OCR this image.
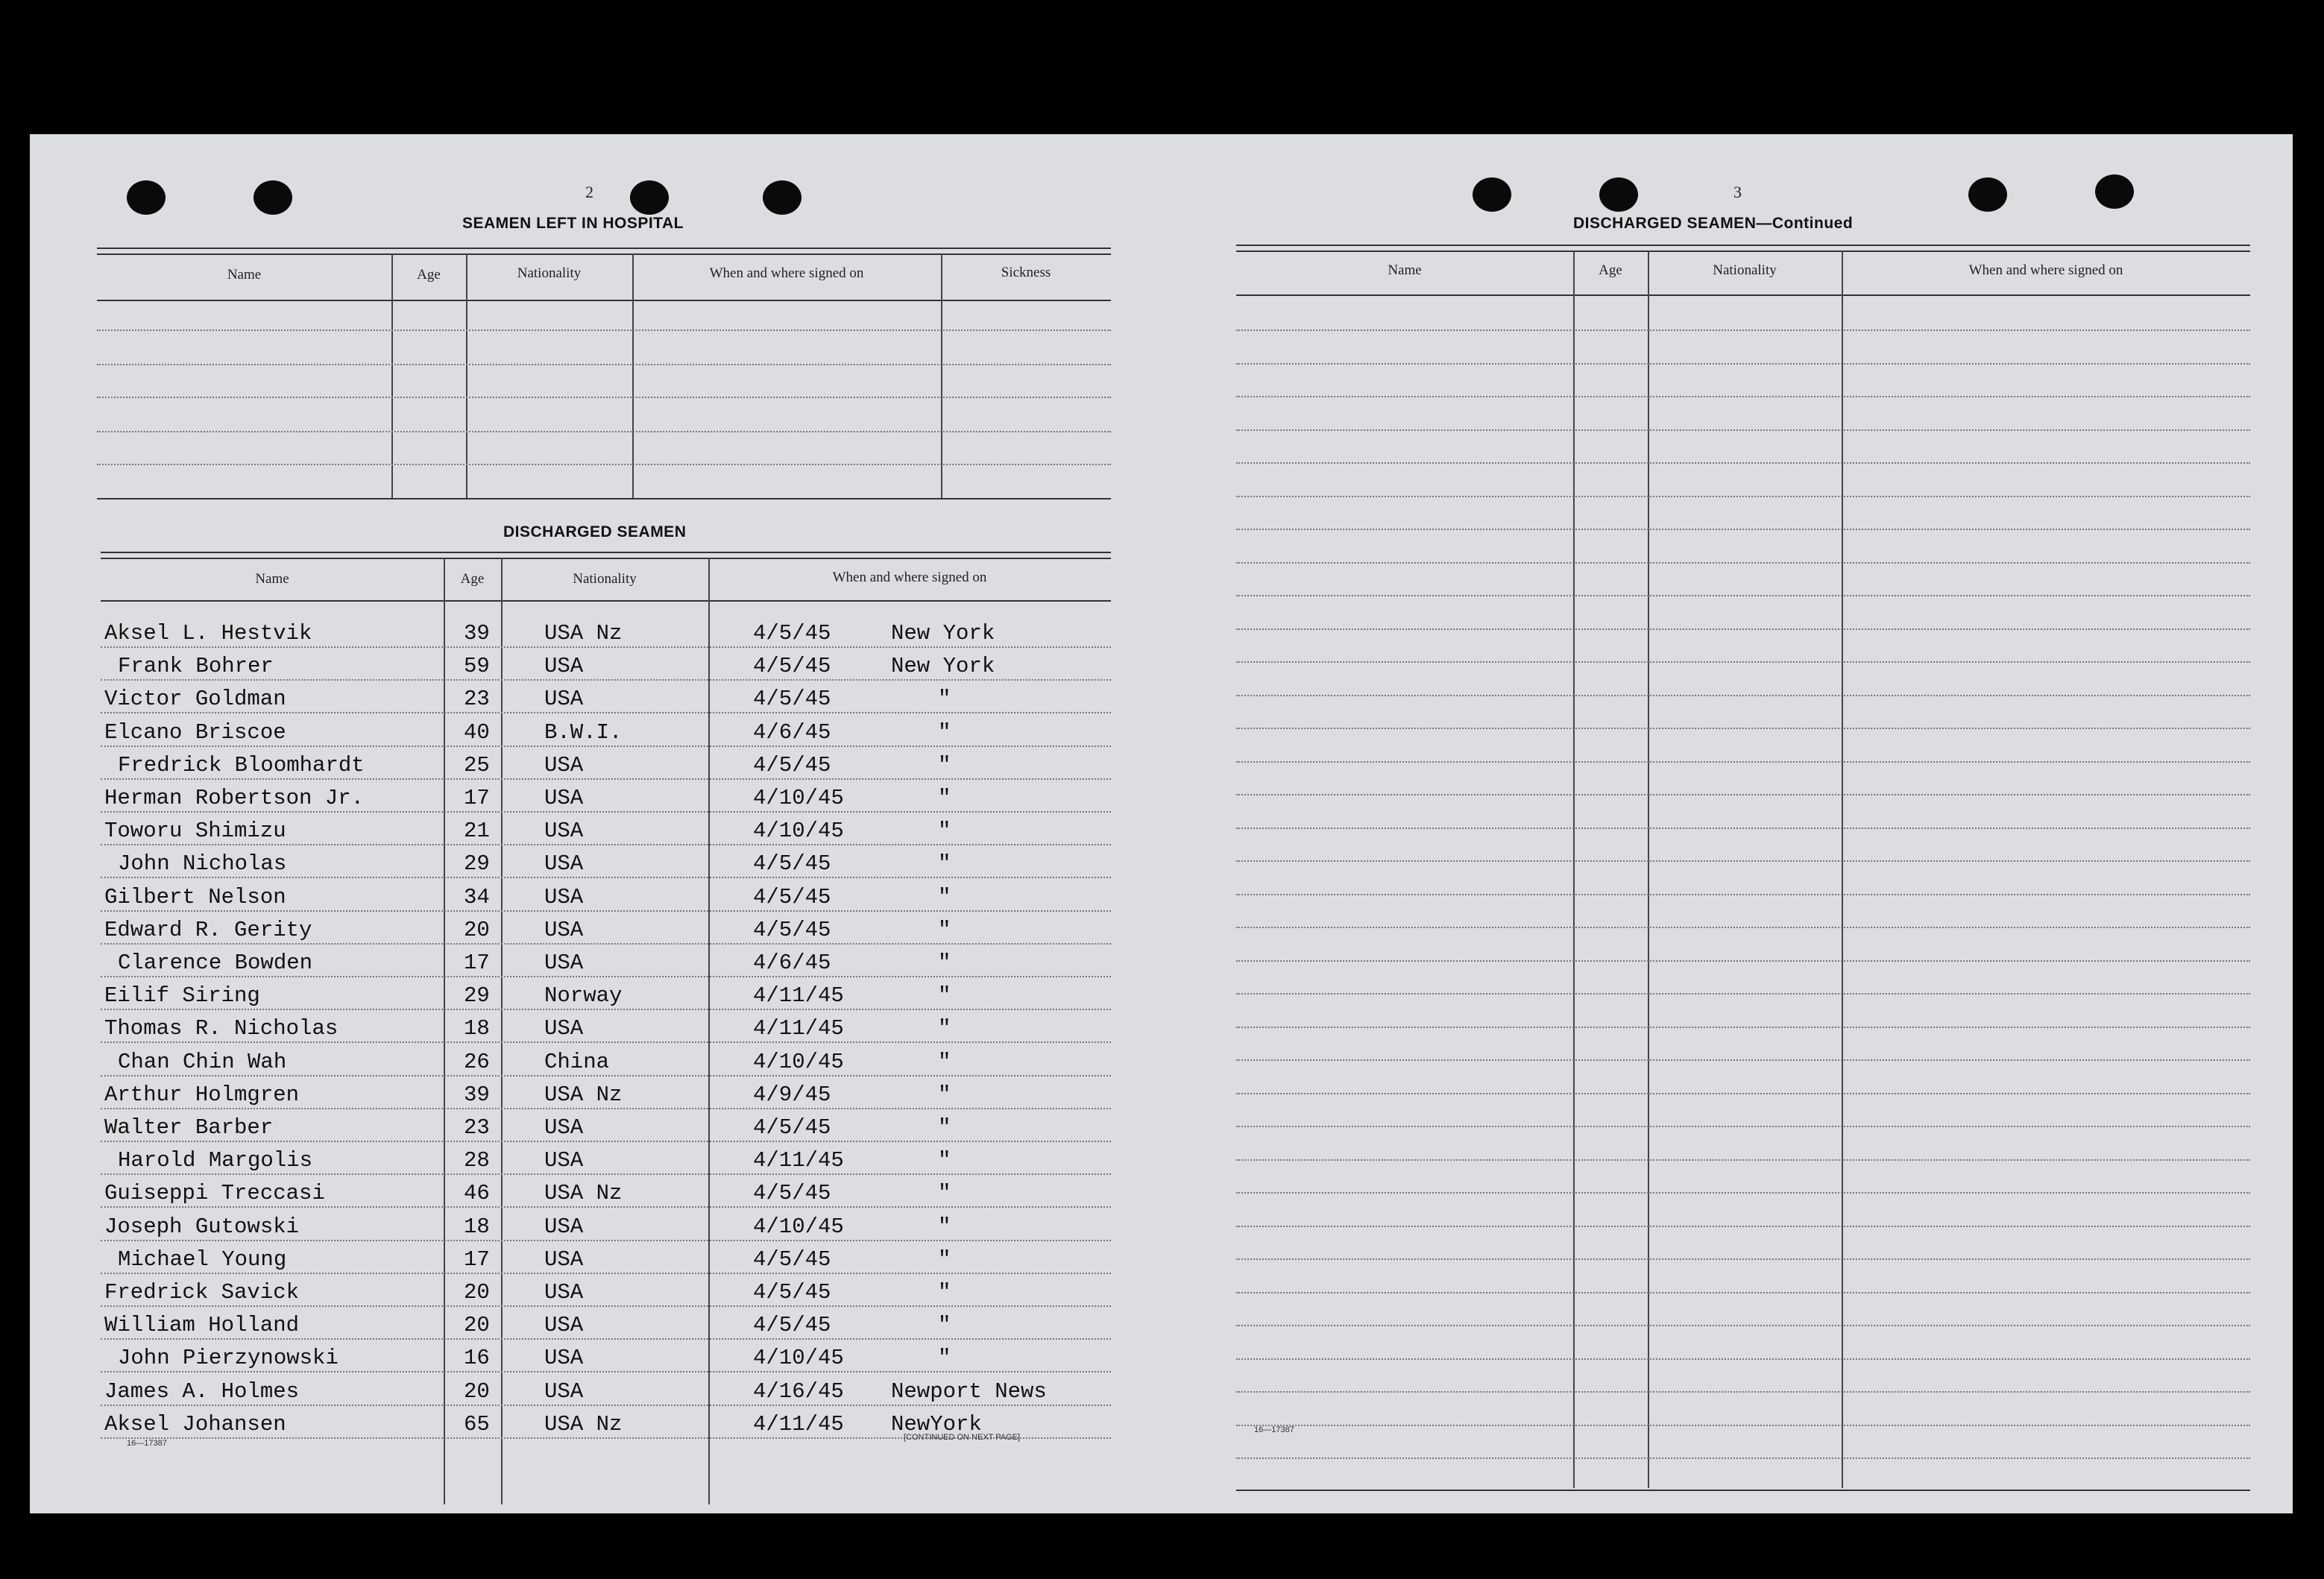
2
SEAMEN LEFT IN HOSPITAL
Name	Age	Nationality	When and where signed on	Sickness
DISCHARGED SEAMEN
Name	Age	Nationality	When and where signed on
Aksel L. Hestvik	39	USA Nz	4/5/45	New York
Frank Bohrer	59	USA	4/5/45	New York
Victor Goldman	23	USA	4/5/45	"
Elcano Briscoe	40	B.W.I.	4/6/45	"
Fredrick Bloomhardt	25	USA	4/5/45	"
Herman Robertson Jr.	17	USA	4/10/45	"
Toworu Shimizu	21	USA	4/10/45	"
John Nicholas	29	USA	4/5/45	"
Gilbert Nelson	34	USA	4/5/45	"
Edward R. Gerity	20	USA	4/5/45	"
Clarence Bowden	17	USA	4/6/45	"
Eilif Siring	29	Norway	4/11/45	"
Thomas R. Nicholas	18	USA	4/11/45	"
Chan Chin Wah	26	China	4/10/45	"
Arthur Holmgren	39	USA Nz	4/9/45	"
Walter Barber	23	USA	4/5/45	"
Harold Margolis	28	USA	4/11/45	"
Guiseppi Treccasi	46	USA Nz	4/5/45	"
Joseph Gutowski	18	USA	4/10/45	"
Michael Young	17	USA	4/5/45	"
Fredrick Savick	20	USA	4/5/45	"
William Holland	20	USA	4/5/45	"
John Pierzynowski	16	USA	4/10/45	"
James A. Holmes	20	USA	4/16/45 Newport News
Aksel Johansen	65	USA Nz	4/11/45 NewYork
16—17387
[CONTINUED ON NEXT PAGE]
3
DISCHARGED SEAMEN—Continued
Name	Age	Nationality	When and where signed on
16—17387
